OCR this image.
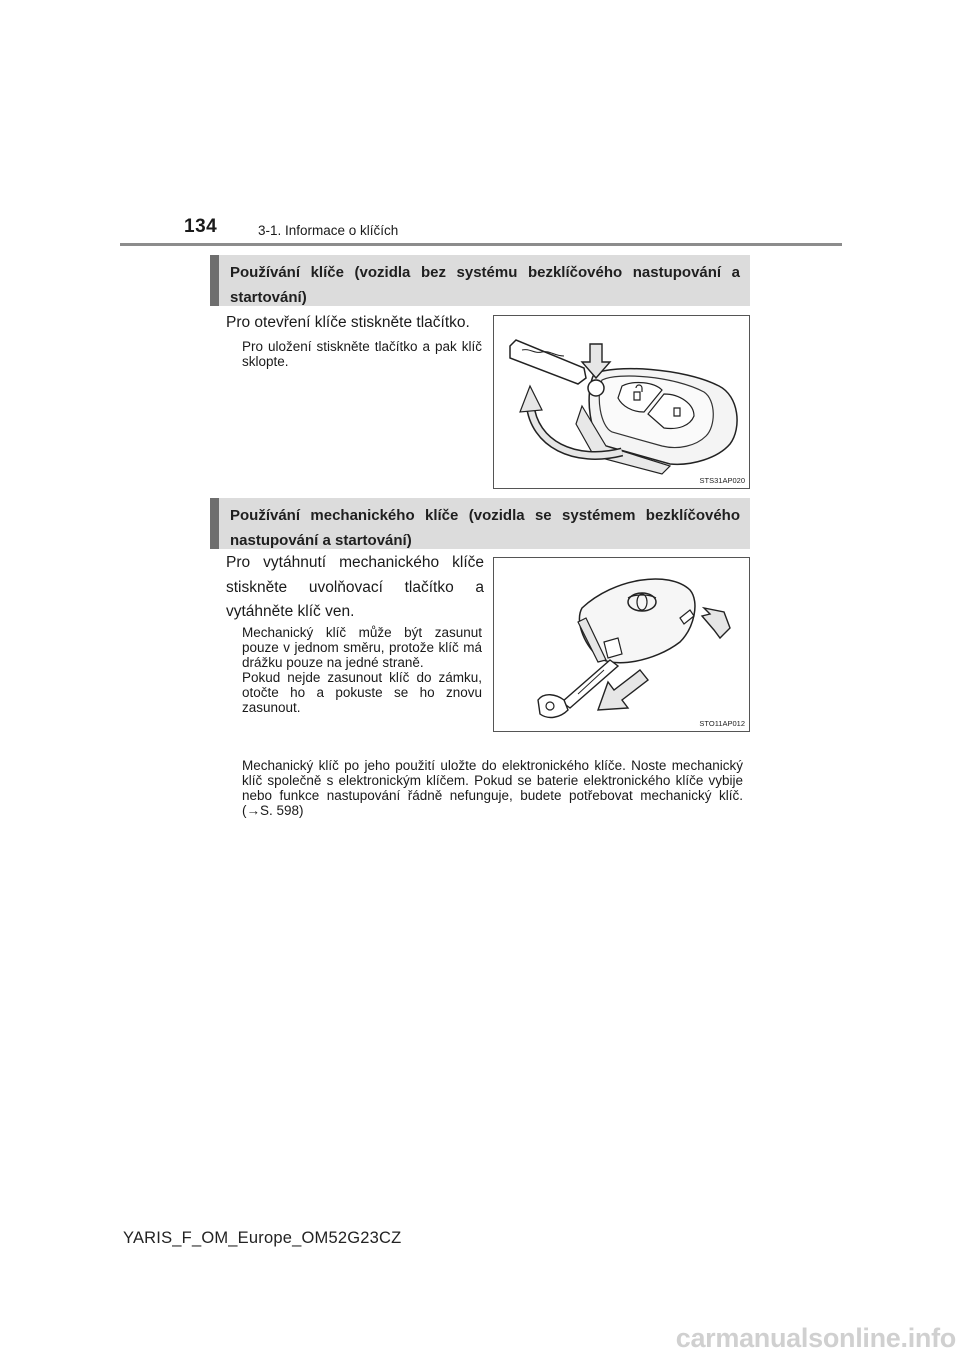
134	3-1. Informace o klíčích
Používání klíče (vozidla bez systému bezklíčového nastupování a startování)
Pro otevření klíče stiskněte tlačítko.
Pro uložení stiskněte tlačítko a pak klíč sklopte.
STS31AP020
Používání mechanického klíče (vozidla se systémem bezklíčového nastupování a startování)
Pro vytáhnutí mechanického klíče stiskněte uvolňovací tlačítko a vytáhněte klíč ven.
Mechanický klíč může být zasunut pouze v jednom směru, protože klíč má drážku pouze na jedné straně.
Pokud nejde zasunout klíč do zámku, otočte ho a pokuste se ho znovu zasunout.
STO11AP012
Mechanický klíč po jeho použití uložte do elektronického klíče. Noste mechanický klíč společně s elektronickým klíčem. Pokud se baterie elektronického klíče vybije nebo funkce nastupování řádně nefunguje, budete potřebovat mechanický klíč. (→S. 598)
YARIS_F_OM_Europe_OM52G23CZ
carmanualsonline.info
